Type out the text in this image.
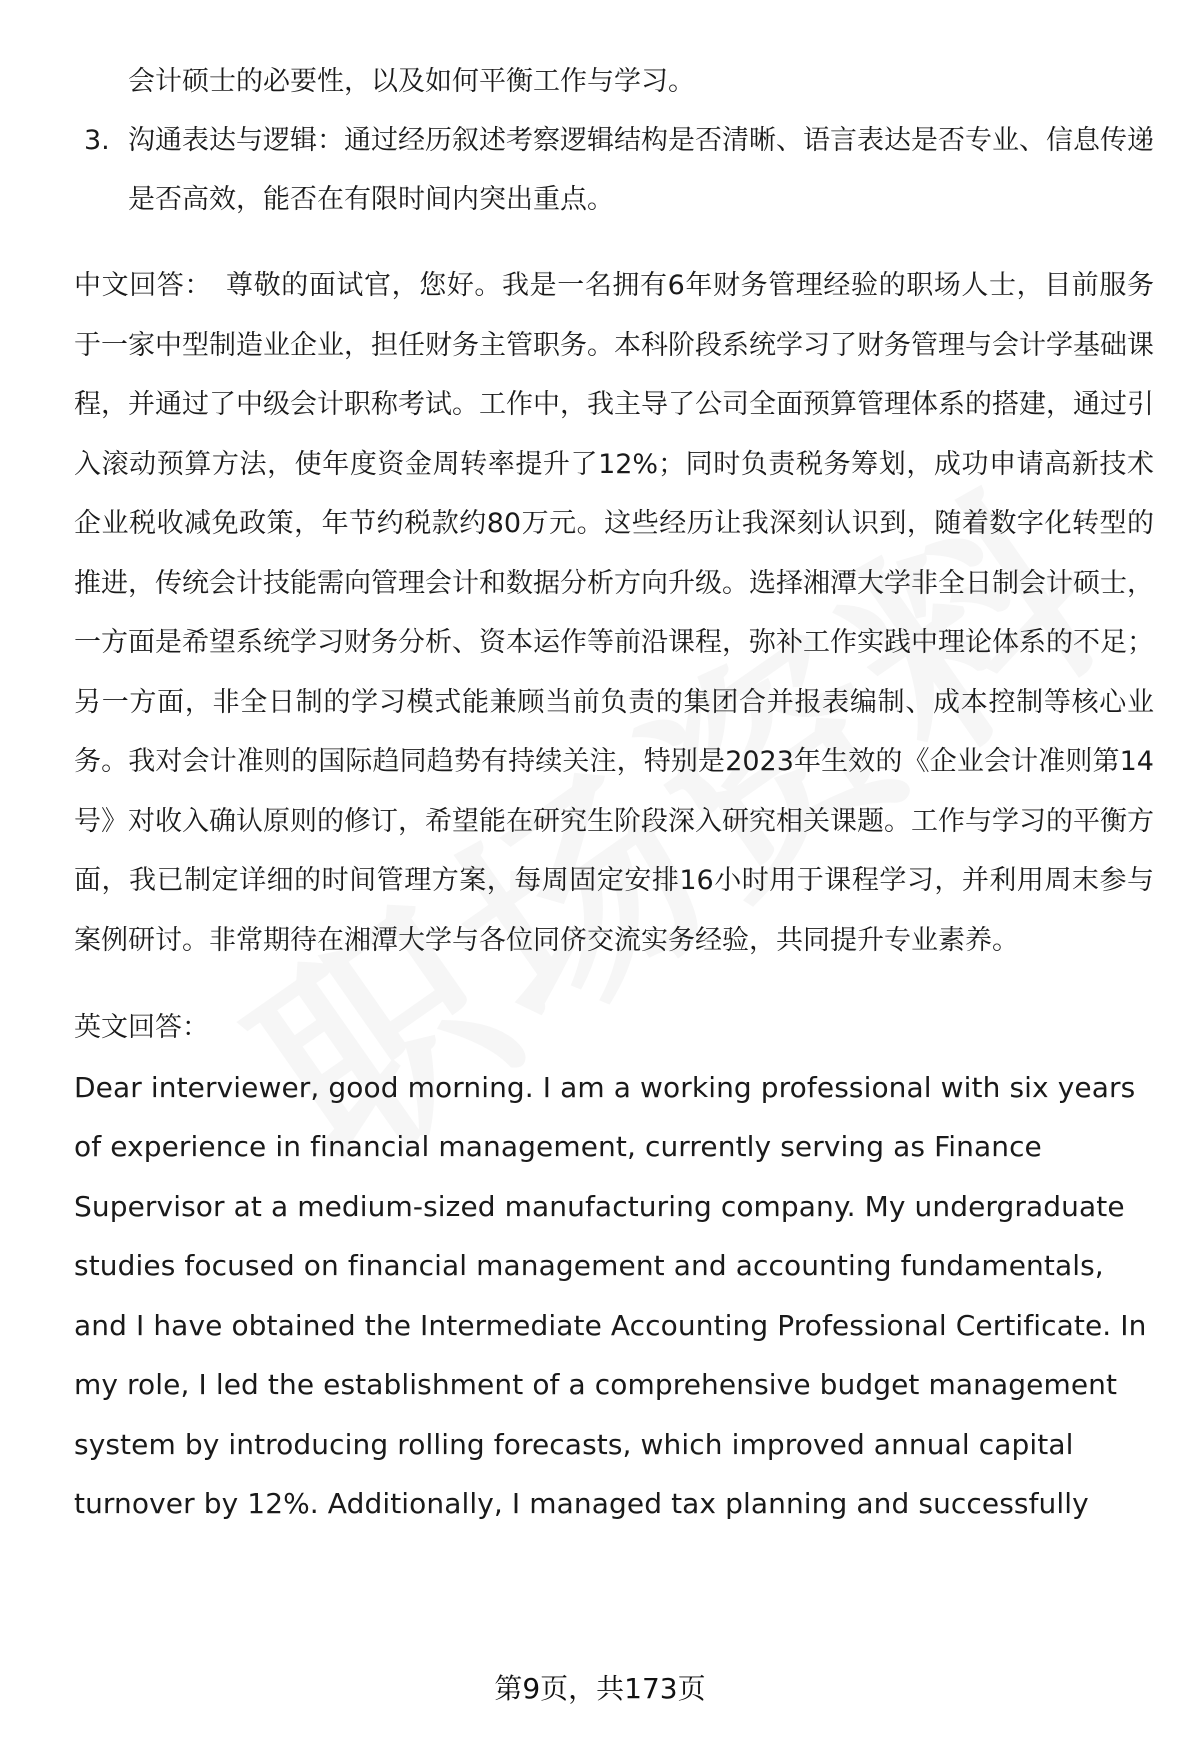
会计硕士的必要性，以及如何平衡工作与学习。

3. 沟通表达与逻辑：通过经历叙述考察逻辑结构是否清晰、语言表达是否专业、信息传递是否高效，能否在有限时间内突出重点。

中文回答： 尊敬的面试官，您好。我是一名拥有6年财务管理经验的职场人士，目前服务于一家中型制造业企业，担任财务主管职务。本科阶段系统学习了财务管理与会计学基础课程，并通过了中级会计职称考试。工作中，我主导了公司全面预算管理体系的搭建，通过引入滚动预算方法，使年度资金周转率提升了12%；同时负责税务筹划，成功申请高新技术企业税收减免政策，年节约税款约80万元。这些经历让我深刻认识到，随着数字化转型的推进，传统会计技能需向管理会计和数据分析方向升级。选择湘潭大学非全日制会计硕士，一方面是希望系统学习财务分析、资本运作等前沿课程，弥补工作实践中理论体系的不足；另一方面，非全日制的学习模式能兼顾当前负责的集团合并报表编制、成本控制等核心业务。我对会计准则的国际趋同趋势有持续关注，特别是2023年生效的《企业会计准则第14号》对收入确认原则的修订，希望能在研究生阶段深入研究相关课题。工作与学习的平衡方面，我已制定详细的时间管理方案，每周固定安排16小时用于课程学习，并利用周末参与案例研讨。非常期待在湘潭大学与各位同侪交流实务经验，共同提升专业素养。

英文回答：

Dear interviewer, good morning. I am a working professional with six years of experience in financial management, currently serving as Finance Supervisor at a medium-sized manufacturing company. My undergraduate studies focused on financial management and accounting fundamentals, and I have obtained the Intermediate Accounting Professional Certificate. In my role, I led the establishment of a comprehensive budget management system by introducing rolling forecasts, which improved annual capital turnover by 12%. Additionally, I managed tax planning and successfully

第9页，共173页
